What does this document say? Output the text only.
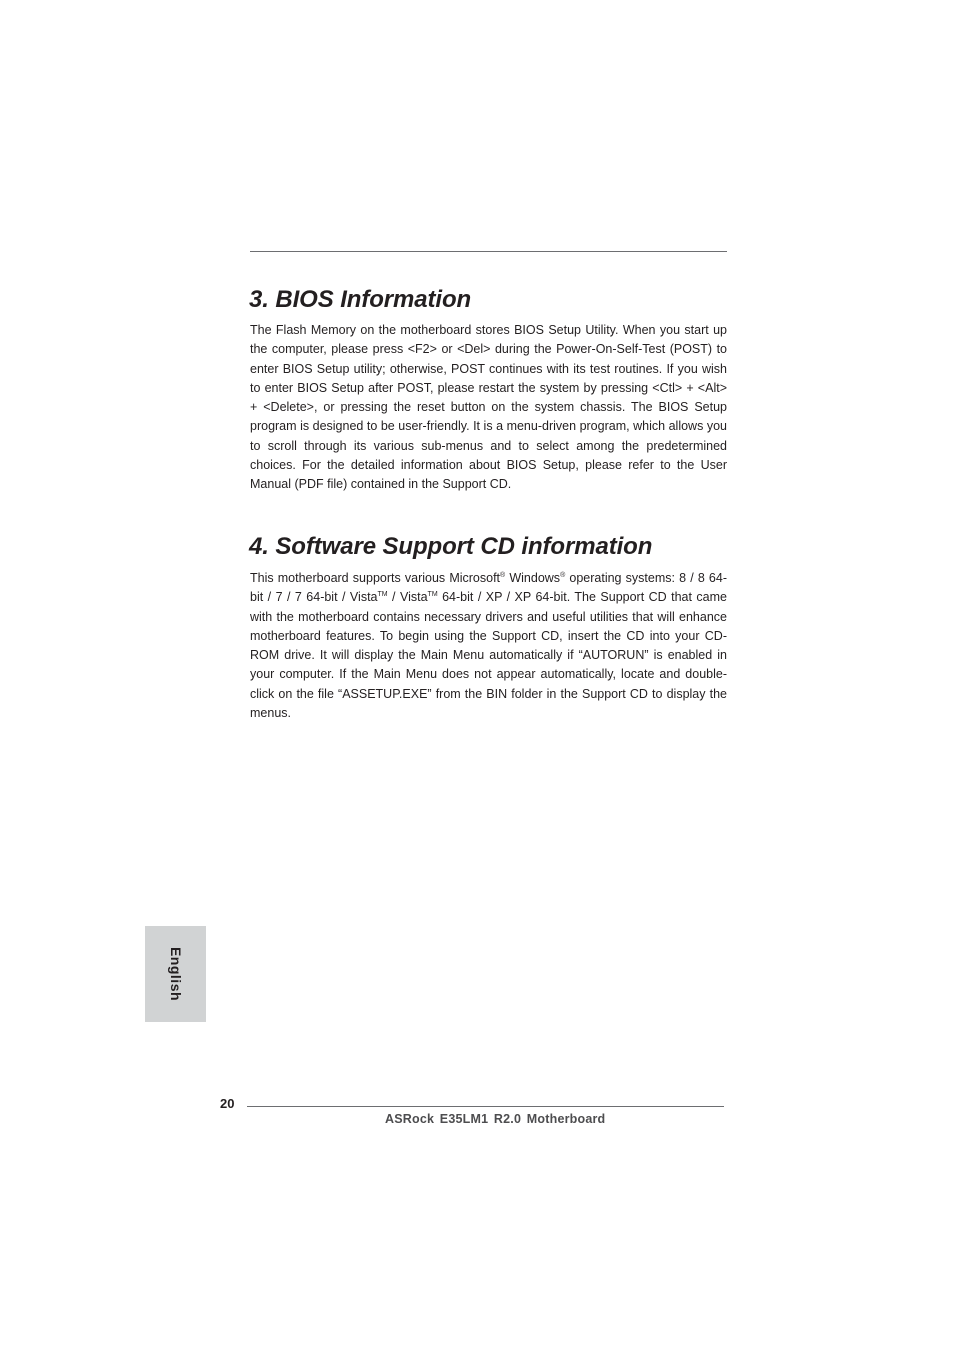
3. BIOS Information

The Flash Memory on the motherboard stores BIOS Setup Utility. When you start up the computer, please press <F2> or <Del> during the Power-On-Self-Test (POST) to enter BIOS Setup utility; otherwise, POST continues with its test routines. If you wish to enter BIOS Setup after POST, please restart the system by pressing <Ctl> + <Alt> + <Delete>, or pressing the reset button on the system chassis. The BIOS Setup program is designed to be user-friendly. It is a menu-driven program, which allows you to scroll through its various sub-menus and to select among the predetermined choices. For the detailed information about BIOS Setup, please refer to the User Manual (PDF file) contained in the Support CD.

4. Software Support CD information

This motherboard supports various Microsoft® Windows® operating systems: 8 / 8 64-bit / 7 / 7 64-bit / Vista™ / Vista™ 64-bit / XP / XP 64-bit. The Support CD that came with the motherboard contains necessary drivers and useful utilities that will enhance motherboard features. To begin using the Support CD, insert the CD into your CD-ROM drive. It will display the Main Menu automatically if “AUTORUN” is enabled in your computer. If the Main Menu does not appear automatically, locate and double-click on the file “ASSETUP.EXE” from the BIN folder in the Support CD to display the menus.

English
20
ASRock E35LM1 R2.0 Motherboard
